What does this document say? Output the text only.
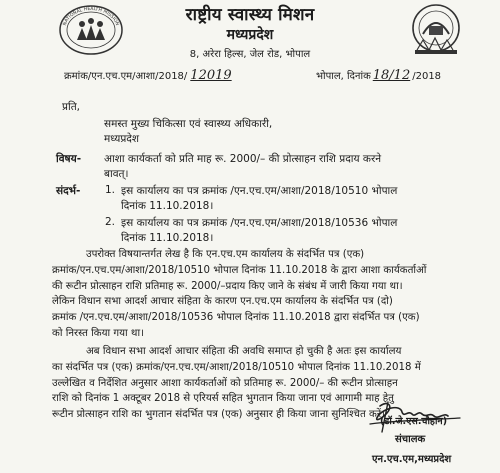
NATIONAL HEALTH MISSION	राष्ट्रीय स्वास्थ्य मिशन
मध्यप्रदेश
8, अरेरा हिल्स, जेल रोड, भोपाल
क्रमांक/एन.एच.एम/आशा/2018/ 12019	भोपाल, दिनांक 18/12 /2018
प्रति,
समस्त मुख्य चिकित्सा एवं स्वास्थ्य अधिकारी,
मध्यप्रदेश
विषय- आशा कार्यकर्ता को प्रति माह रू. 2000/– की प्रोत्साहन राशि प्रदाय करने
बावत्।
संदर्भ- 1. इस कार्यालय का पत्र क्रमांक /एन.एच.एम/आशा/2018/10510 भोपाल
दिनांक 11.10.2018।
2. इस कार्यालय का पत्र क्रमांक /एन.एच.एम/आशा/2018/10536 भोपाल
दिनांक 11.10.2018।
उपरोक्त विषयान्तर्गत लेख है कि एन.एच.एम कार्यालय के संदर्भित पत्र (एक)
क्रमांक/एन.एच.एम/आशा/2018/10510 भोपाल दिनांक 11.10.2018 के द्वारा आशा कार्यकर्ताओं
की रूटीन प्रोत्साहन राशि प्रतिमाह रू. 2000/–प्रदाय किए जाने के संबंध में जारी किया गया था।
लेकिन विधान सभा आदर्श आचार संहिता के कारण एन.एच.एम कार्यालय के संदर्भित पत्र (दो)
क्रमांक /एन.एच.एम/आशा/2018/10536 भोपाल दिनांक 11.10.2018 द्वारा संदर्भित पत्र (एक)
को निरस्त किया गया था।
अब विधान सभा आदर्श आचार संहिता की अवधि समाप्त हो चुकी है अतः इस कार्यालय
का संदर्भित पत्र (एक) क्रमांक/एन.एच.एम/आशा/2018/10510 भोपाल दिनांक 11.10.2018 में
उल्लेखित व निर्देशित अनुसार आशा कार्यकर्ताओं को प्रतिमाह रू. 2000/– की रूटीन प्रोत्साहन
राशि को दिनांक 1 अक्टूबर 2018 से एरियर्स सहित भुगतान किया जाना एवं आगामी माह हेतु
रूटीन प्रोत्साहन राशि का भुगतान संदर्भित पत्र (एक) अनुसार ही किया जाना सुनिश्चित करें।
(डॉ.जे.एस.चौहान)
संचालक
एन.एच.एम,मध्यप्रदेश
